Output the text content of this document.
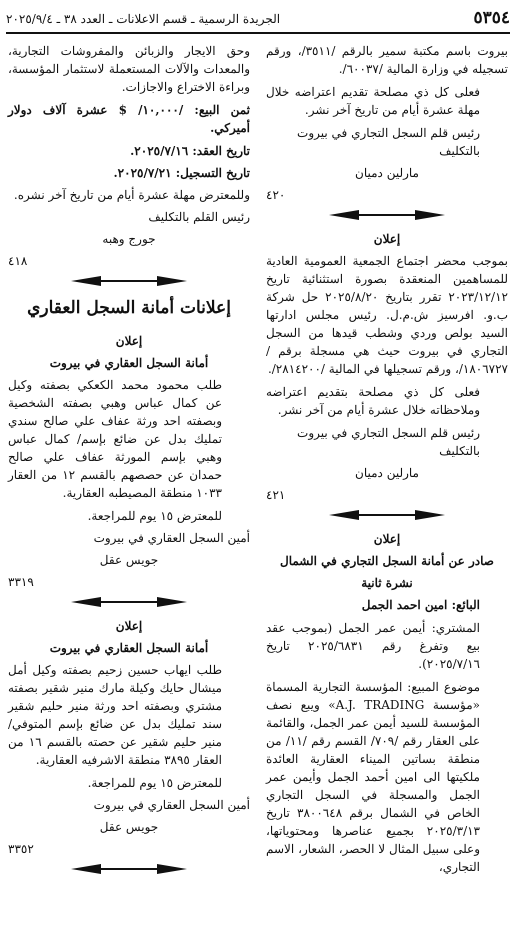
٥٣٥٤
الجريدة الرسمية ـ قسم الاعلانات ـ العدد ٣٨ ـ ٢٠٢٥/٩/٤

بيروت باسم مكتبة سمير بالرقم /٣٥١١/، ورقم تسجيله في وزارة المالية /٦٠٠٣٧/.

فعلى كل ذي مصلحة تقديم اعتراضه خلال مهلة عشرة أيام من تاريخ آخر نشر.

رئيس قلم السجل التجاري في بيروت بالتكليف
مارلين دميان
٤٢٠
إعلان

بموجب محضر اجتماع الجمعية العمومية العادية للمساهمين المنعقدة بصورة استثنائية تاريخ ٢٠٢٣/١٢/١٢ تقرر بتاريخ ٢٠٢٥/٨/٢٠ حل شركة ب.و. افرسيز ش.م.ل. رئيس مجلس ادارتها السيد بولص وردي وشطب قيدها من السجل التجاري في بيروت حيث هي مسجلة برقم /١٨٠٦٧٢٧/، ورقم تسجيلها في المالية /٢٨١٤٢٠٠/.

فعلى كل ذي مصلحة بتقديم اعتراضه وملاحظاته خلال عشرة أيام من آخر نشر.

رئيس قلم السجل التجاري في بيروت بالتكليف
مارلين دميان
٤٢١
إعلان
صادر عن أمانة السجل التجاري في الشمال
نشرة ثانية

البائع: امين احمد الجمل

المشتري: أيمن عمر الجمل (بموجب عقد بيع وتفرغ رقم ٢٠٢٥/٦٨٣١ تاريخ ٢٠٢٥/٧/١٦).

موضوع المبيع: المؤسسة التجارية المسماة «مؤسسة A.J. TRADING» ويبع نصف المؤسسة للسيد أيمن عمر الجمل، والقائمة على العقار رقم /٧٠٩/ القسم رقم /١١/ من منطقة بساتين الميناء العقارية العائدة ملكيتها الى امين أحمد الجمل وأيمن عمر الجمل والمسجلة في السجل التجاري الخاص في الشمال برقم ٣٨٠٠٦٤٨ تاريخ ٢٠٢٥/٣/١٣ بجميع عناصرها ومحتوياتها، وعلى سبيل المثال لا الحصر، الشعار، الاسم التجاري،

وحق الايجار والزبائن والمفروشات التجارية، والمعدات والآلات المستعملة لاستثمار المؤسسة، وبراءة الاختراع والاجازات.

ثمن البيع: /١٠,٠٠٠/ $ عشرة آلاف دولار أميركي.

تاريخ العقد: ٢٠٢٥/٧/١٦.
تاريخ التسجيل: ٢٠٢٥/٧/٢١.
وللمعترض مهلة عشرة أيام من تاريخ آخر نشره.
رئيس القلم بالتكليف
جورج وهبه
٤١٨
إعلانات أمانة السجل العقاري
إعلان
أمانة السجل العقاري في بيروت

طلب محمود محمد الكعكي بصفته وكيل عن كمال عباس وهبي بصفته الشخصية وبصفته احد ورثة عفاف علي صالح سندي تمليك بدل عن ضائع بإسم/ كمال عباس وهبي بإسم المورثة عفاف علي صالح حمدان عن حصصهم بالقسم ١٢ من العقار ١٠٣٣ منطقة المصيطبه العقارية.

للمعترض ١٥ يوم للمراجعة.
أمين السجل العقاري في بيروت
جويس عقل
٣٣١٩
إعلان
أمانة السجل العقاري في بيروت

طلب ايهاب حسين زحيم بصفته وكيل أمل ميشال حايك وكيلة مارك منير شقير بصفته مشتري وبصفته احد ورثة منير حليم شقير سند تمليك بدل عن ضائع بإسم المتوفي/منير حليم شقير عن حصته بالقسم ١٦ من العقار ٣٨٩٥ منطقة الاشرفيه العقارية.

للمعترض ١٥ يوم للمراجعة.
أمين السجل العقاري في بيروت
جويس عقل
٣٣٥٢
